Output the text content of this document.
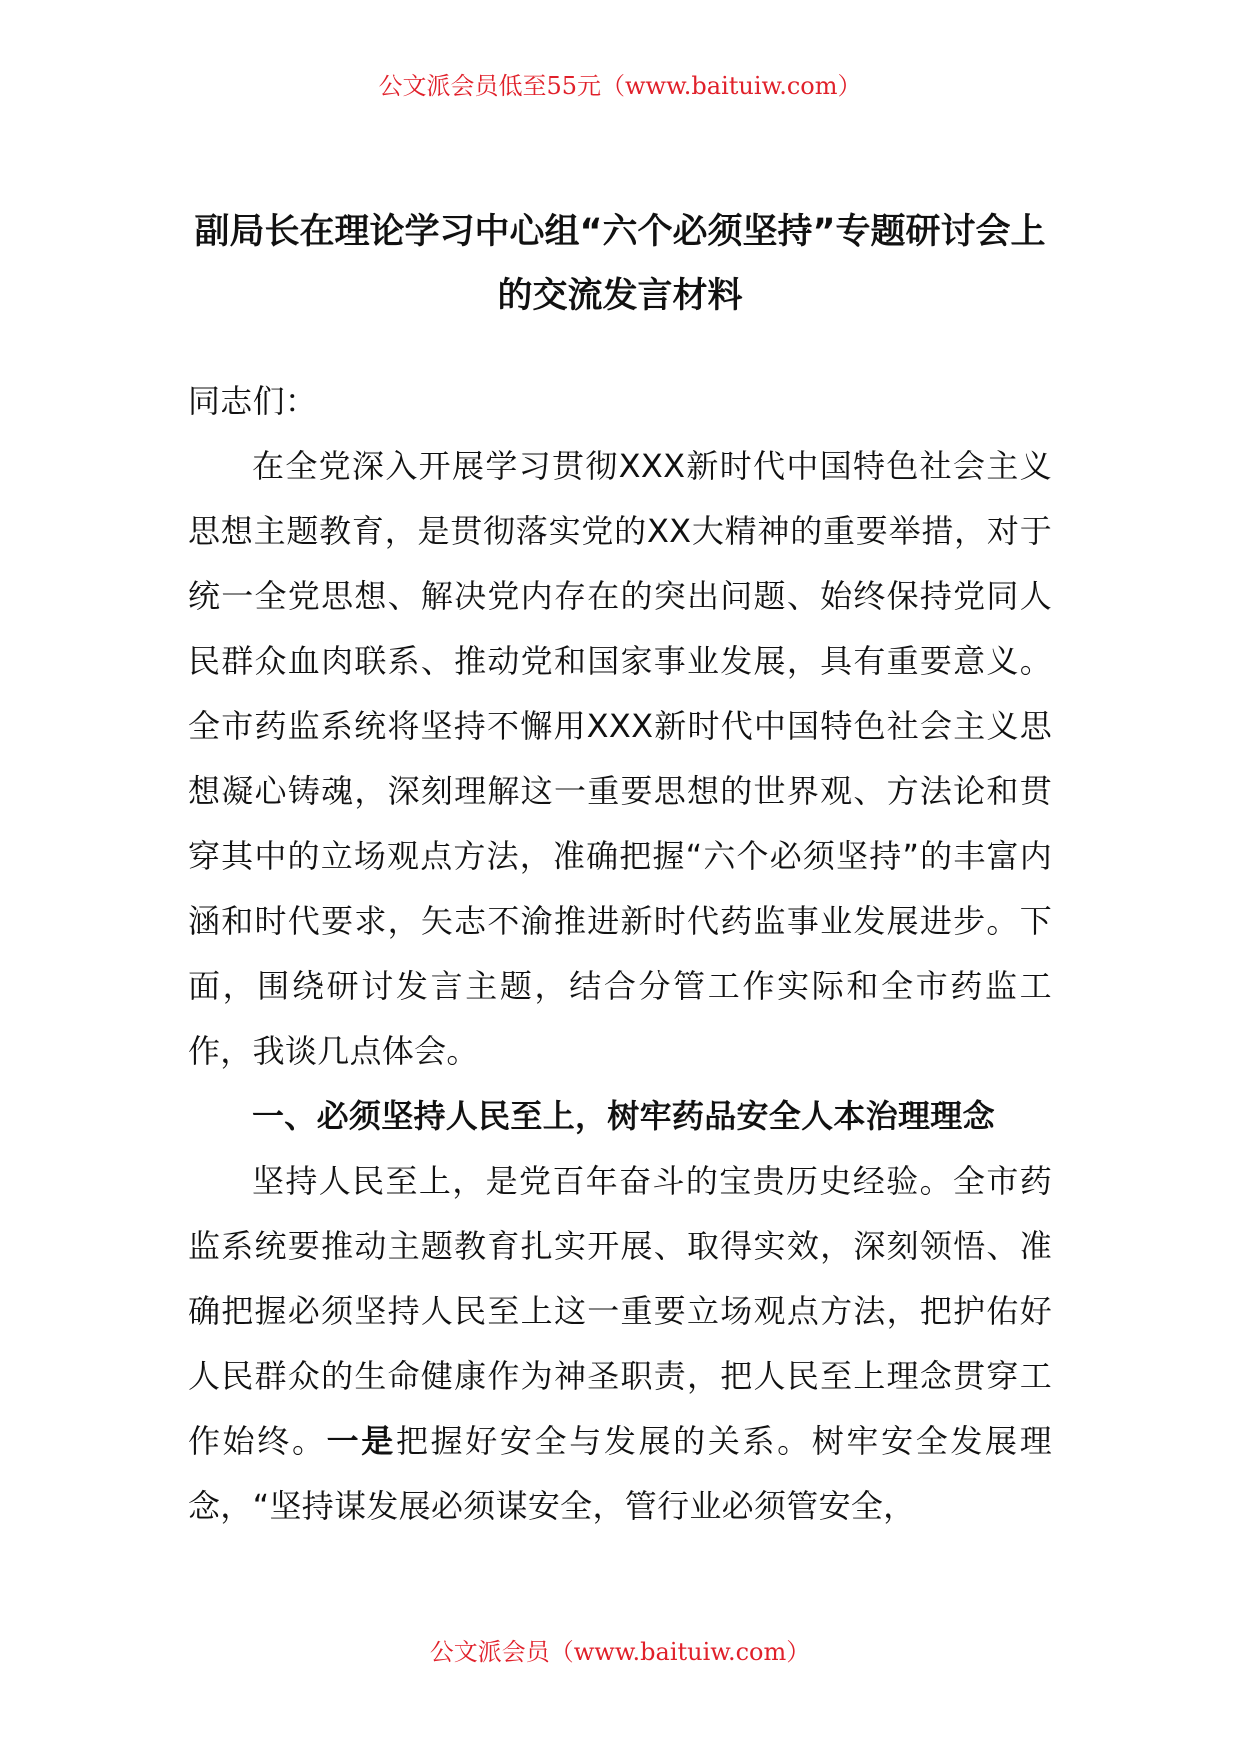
公文派会员低至55元（www.baituiw.com）
副局长在理论学习中心组“六个必须坚持”专题研讨会上
的交流发言材料

同志们：

在全党深入开展学习贯彻XXX新时代中国特色社会主义思想主题教育，是贯彻落实党的XX大精神的重要举措，对于统一全党思想、解决党内存在的突出问题、始终保持党同人民群众血肉联系、推动党和国家事业发展，具有重要意义。全市药监系统将坚持不懈用XXX新时代中国特色社会主义思想凝心铸魂，深刻理解这一重要思想的世界观、方法论和贯穿其中的立场观点方法，准确把握“六个必须坚持”的丰富内涵和时代要求，矢志不渝推进新时代药监事业发展进步。下面，围绕研讨发言主题，结合分管工作实际和全市药监工作，我谈几点体会。

一、必须坚持人民至上，树牢药品安全人本治理理念

坚持人民至上，是党百年奋斗的宝贵历史经验。全市药监系统要推动主题教育扎实开展、取得实效，深刻领悟、准确把握必须坚持人民至上这一重要立场观点方法，把护佑好人民群众的生命健康作为神圣职责，把人民至上理念贯穿工作始终。一是把握好安全与发展的关系。树牢安全发展理念，“坚持谋发展必须谋安全，管行业必须管安全，

公文派会员（www.baituiw.com）
